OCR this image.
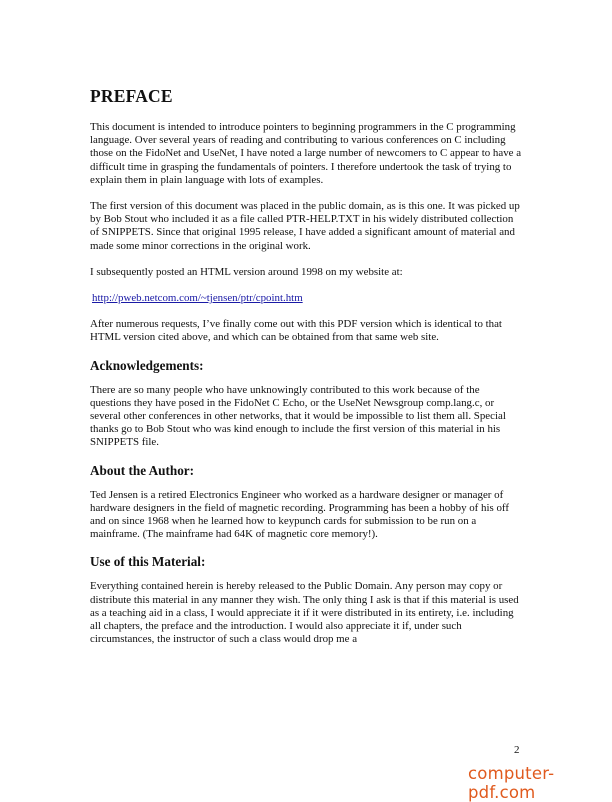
PREFACE

This document is intended to introduce pointers to beginning programmers in the C programming language. Over several years of reading and contributing to various conferences on C including those on the FidoNet and UseNet, I have noted a large number of newcomers to C appear to have a difficult time in grasping the fundamentals of pointers. I therefore undertook the task of trying to explain them in plain language with lots of examples.

The first version of this document was placed in the public domain, as is this one. It was picked up by Bob Stout who included it as a file called PTR-HELP.TXT in his widely distributed collection of SNIPPETS. Since that original 1995 release, I have added a significant amount of material and made some minor corrections in the original work.

I subsequently posted an HTML version around 1998 on my website at:

http://pweb.netcom.com/~tjensen/ptr/cpoint.htm

After numerous requests, I’ve finally come out with this PDF version which is identical to that HTML version cited above, and which can be obtained from that same web site.

Acknowledgements:

There are so many people who have unknowingly contributed to this work because of the questions they have posed in the FidoNet C Echo, or the UseNet Newsgroup comp.lang.c, or several other conferences in other networks, that it would be impossible to list them all. Special thanks go to Bob Stout who was kind enough to include the first version of this material in his SNIPPETS file.

About the Author:

Ted Jensen is a retired Electronics Engineer who worked as a hardware designer or manager of hardware designers in the field of magnetic recording. Programming has been a hobby of his off and on since 1968 when he learned how to keypunch cards for submission to be run on a mainframe. (The mainframe had 64K of magnetic core memory!).

Use of this Material:

Everything contained herein is hereby released to the Public Domain. Any person may copy or distribute this material in any manner they wish. The only thing I ask is that if this material is used as a teaching aid in a class, I would appreciate it if it were distributed in its entirety, i.e. including all chapters, the preface and the introduction. I would also appreciate it if, under such circumstances, the instructor of such a class would drop me a

2
computer-pdf.com
